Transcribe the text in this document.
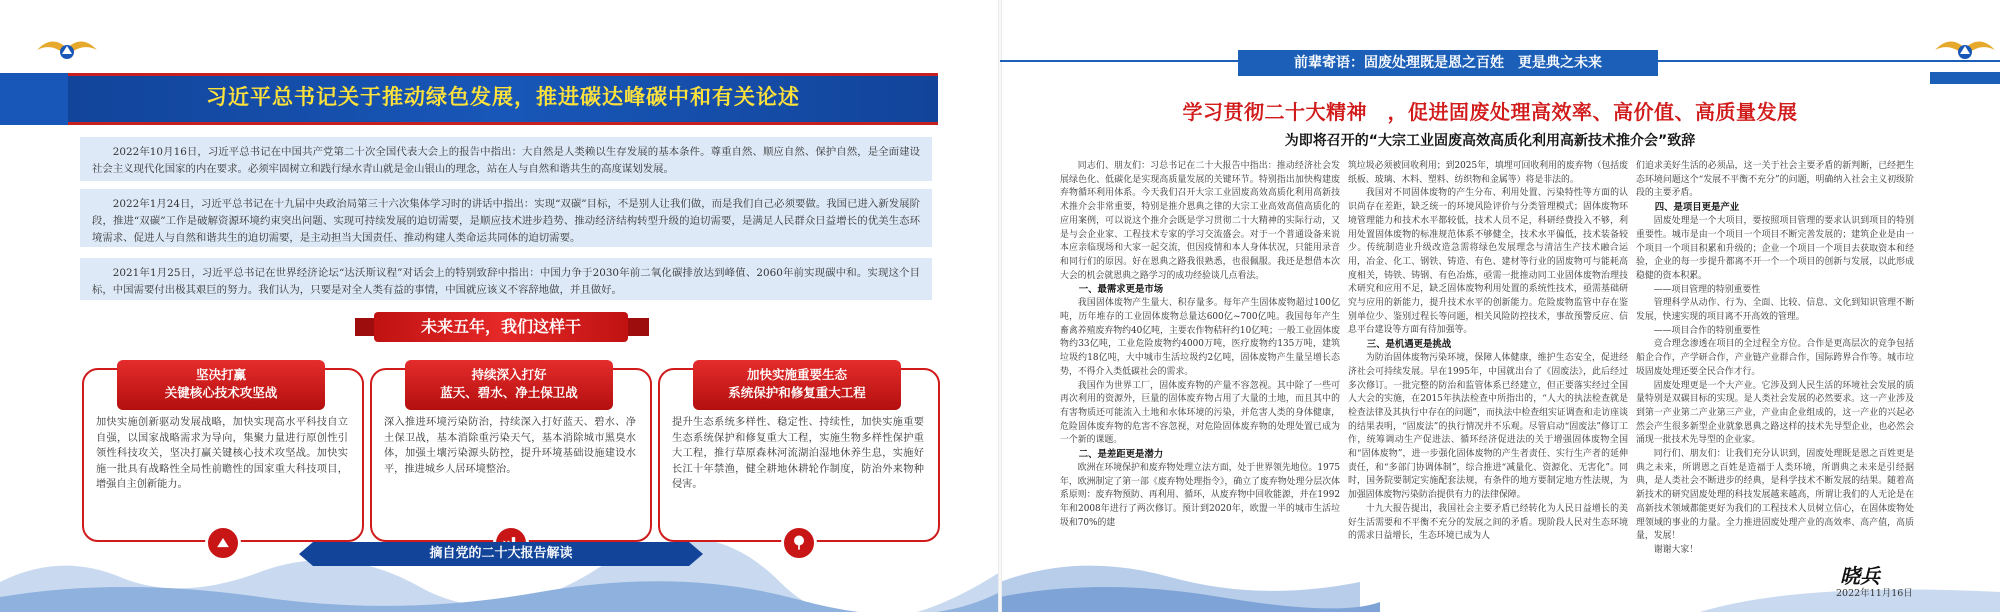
习近平总书记关于推动绿色发展，推进碳达峰碳中和有关论述
2022年10月16日，习近平总书记在中国共产党第二十次全国代表大会上的报告中指出：大自然是人类赖以生存发展的基本条件。尊重自然、顺应自然、保护自然，是全面建设社会主义现代化国家的内在要求。必须牢固树立和践行绿水青山就是金山银山的理念，站在人与自然和谐共生的高度谋划发展。
2022年1月24日，习近平总书记在十九届中央政治局第三十六次集体学习时的讲话中指出：实现“双碳”目标，不是别人让我们做，而是我们自己必须要做。我国已进入新发展阶段，推进“双碳”工作是破解资源环境约束突出问题、实现可持续发展的迫切需要，是顺应技术进步趋势、推动经济结构转型升级的迫切需要，是满足人民群众日益增长的优美生态环境需求、促进人与自然和谐共生的迫切需要，是主动担当大国责任、推动构建人类命运共同体的迫切需要。
2021年1月25日，习近平总书记在世界经济论坛“达沃斯议程”对话会上的特别致辞中指出：中国力争于2030年前二氧化碳排放达到峰值、2060年前实现碳中和。实现这个目标，中国需要付出极其艰巨的努力。我们认为，只要是对全人类有益的事情，中国就应该义不容辞地做，并且做好。
未来五年，我们这样干
坚决打赢
关键核心技术攻坚战
加快实施创新驱动发展战略，加快实现高水平科技自立自强，以国家战略需求为导向，集聚力量进行原创性引领性科技攻关，坚决打赢关键核心技术攻坚战。加快实施一批具有战略性全局性前瞻性的国家重大科技项目，增强自主创新能力。
持续深入打好
蓝天、碧水、净土保卫战
深入推进环境污染防治，持续深入打好蓝天、碧水、净土保卫战，基本消除重污染天气，基本消除城市黑臭水体，加强土壤污染源头防控，提升环境基础设施建设水平，推进城乡人居环境整治。
加快实施重要生态
系统保护和修复重大工程
提升生态系统多样性、稳定性、持续性，加快实施重要生态系统保护和修复重大工程，实施生物多样性保护重大工程，推行草原森林河流湖泊湿地休养生息，实施好长江十年禁渔，健全耕地休耕轮作制度，防治外来物种侵害。
摘自党的二十大报告解读
前辈寄语：固废处理既是恩之百姓　更是典之未来
学习贯彻二十大精神　，促进固废处理高效率、高价值、高质量发展
为即将召开的“大宗工业固废高效高质化利用高新技术推介会”致辞

同志们、朋友们：习总书记在二十大报告中指出：推动经济社会发展绿色化、低碳化是实现高质量发展的关键环节。特别指出加快构建废弃物循环利用体系。今天我们召开大宗工业固废高效高质化利用高新技术推介会非常重要，特别是推介恩典之律的大宗工业高效高值高质化的应用案例，可以说这个推介会既是学习贯彻二十大精神的实际行动，又是与会企业家、工程技术专家的学习交流盛会。对于一个普通设备来说本应亲临现场和大家一起交流，但因疫情和本人身体状况，只能用录音和同行们的原因。好在恩典之路我很熟悉，也很佩服。我还是想借本次大会的机会就恩典之路学习的成功经验谈几点看法。

一、最需求更是市场

我国固体废物产生量大、积存量多。每年产生固体废物超过100亿吨，历年堆存的工业固体废物总量达600亿~700亿吨。我国每年产生畜禽养殖废弃物约40亿吨，主要农作物秸秆约10亿吨；一般工业固体废物约33亿吨，工业危险废物约4000万吨，医疗废物约135万吨，建筑垃圾约18亿吨，大中城市生活垃圾约2亿吨，固体废物产生量呈增长态势，不得介入类低碳社会的需求。

我国作为世界工厂，固体废弃物的产量不容忽视。其中除了一些可再次利用的资源外，巨量的固体废弃物占用了大量的土地，而且其中的有害物质还可能流入土地和水体环境的污染，并危害人类的身体健康，危险固体废弃物的危害不容忽视，对危险固体废弃物的处理处置已成为一个新的课题。

二、是差距更是潜力

欧洲在环境保护和废弃物处理立法方面，处于世界领先地位。1975年，欧洲制定了第一部《废弃物处理指令》，确立了废弃物处理分层次体系原则：废弃物预防、再利用、循环，从废弃物中回收能源，并在1992年和2008年进行了两次修订。预计到2020年，欧盟一半的城市生活垃圾和70%的建

筑垃圾必须被回收利用；到2025年，填埋可回收利用的废弃物（包括废纸板、玻璃、木料、塑料、纺织物和金属等）将是非法的。

我国对不同固体废物的产生分布、利用处置、污染特性等方面的认识尚存在差距，缺乏统一的环境风险评价与分类管理模式；固体废物环境管理能力和技术水平都较低，技术人员不足，科研经费投入不够，利用处置固体废物的标准规范体系不够健全，技术水平偏低，技术装备较少。传统制造业升级改造急需将绿色发展理念与清洁生产技术融合运用，冶金、化工、钢铁、铸造、有色、建材等行业的固废物可与能耗高度相关，铸铁、铸钢、有色冶炼，亟需一批推动同工业固体废物治理技术研究和应用不足，缺乏固体废物利用处置的系统性技术，亟需基础研究与应用的新能力，提升技术水平的创新能力。危险废物监管中存在鉴别单位少、鉴别过程长等问题，相关风险防控技术，事故预警反应、信息平台建设等方面有待加强等。

三、是机遇更是挑战

为防治固体废物污染环境，保障人体健康，维护生态安全，促进经济社会可持续发展。早在1995年，中国就出台了《固废法》，此后经过多次修订。一批完整的防治和监管体系已经建立，但正要落实经过全国人大会的实施，在2015年执法检查中所指出的，“人大的执法检查就是检查法律及其执行中存在的问题”，而执法中检查组实证调查和走访座谈的结果表明，“固废法”的执行情况并不乐观。尽管启动“固废法”修订工作，统筹调动生产促进法、循环经济促进法的关于增强固体废物全国和“固体废物”，进一步强化固体废物的产生者责任、实行生产者的延伸责任，和“多部门协调体制”，综合推进“减量化、资源化、无害化”。同时，国务院要制定实施配套法规，有条件的地方要制定地方性法规，为加强固体废物污染防治提供有力的法律保障。

十九大报告提出，我国社会主要矛盾已经转化为人民日益增长的美好生活需要和不平衡不充分的发展之间的矛盾。现阶段人民对生态环境的需求日益增长，生态环境已成为人

们追求美好生活的必须品，这一关于社会主要矛盾的新判断，已经把生态环境问题这个“发展不平衡不充分”的问题，明确纳入社会主义初级阶段的主要矛盾。

四、是项目更是产业

固废处理是一个大项目，要按照项目管理的要求认识到项目的特别重要性。城市是由一个项目一个项目不断完善发展的；建筑企业是由一个项目一个项目积累和升级的；企业一个项目一个项目去获取资本和经验，企业的每一步提升都离不开一个一个项目的创新与发展，以此形成稳健的资本积累。

——项目管理的特别重要性

管理科学从动作、行为、全面、比较、信息、文化到知识管理不断发展，快速实现的项目离不开高效的管理。

——项目合作的特别重要性

竞合理念渗透在项目的全过程全方位。合作是更高层次的竞争包括船企合作，产学研合作，产业链产业群合作，国际跨界合作等。城市垃圾固废处理还要全民合作才行。

固废处理更是一个大产业。它涉及到人民生活的环境社会发展的质量特别是双碳目标的实现。是人类社会发展的必然要求。这一产业涉及到第一产业第二产业第三产业，产业由企业组成的，这一产业的兴起必然会产生很多新型企业就象恩典之路这样的技术先导型企业，也必然会涌现一批技术先导型的企业家。

同行们、朋友们：让我们充分认识到，固废处理既是恩之百姓更是典之未来，所谓恩之百姓是造福于人类环境，所谓典之未来是引经据典，是人类社会不断进步的经典，是科学技术不断发展的结果。随着高新技术的研究固废处理的科技发展越来越高，所谓让我们的人无论是在高新技术领域都能更好为我们的工程技术人员树立信心，在固体废物处理领域的事业的力量。全力推进固废处理产业的高效率、高产值，高质量，发展！

谢谢大家！

晓兵
2022年11月16日
